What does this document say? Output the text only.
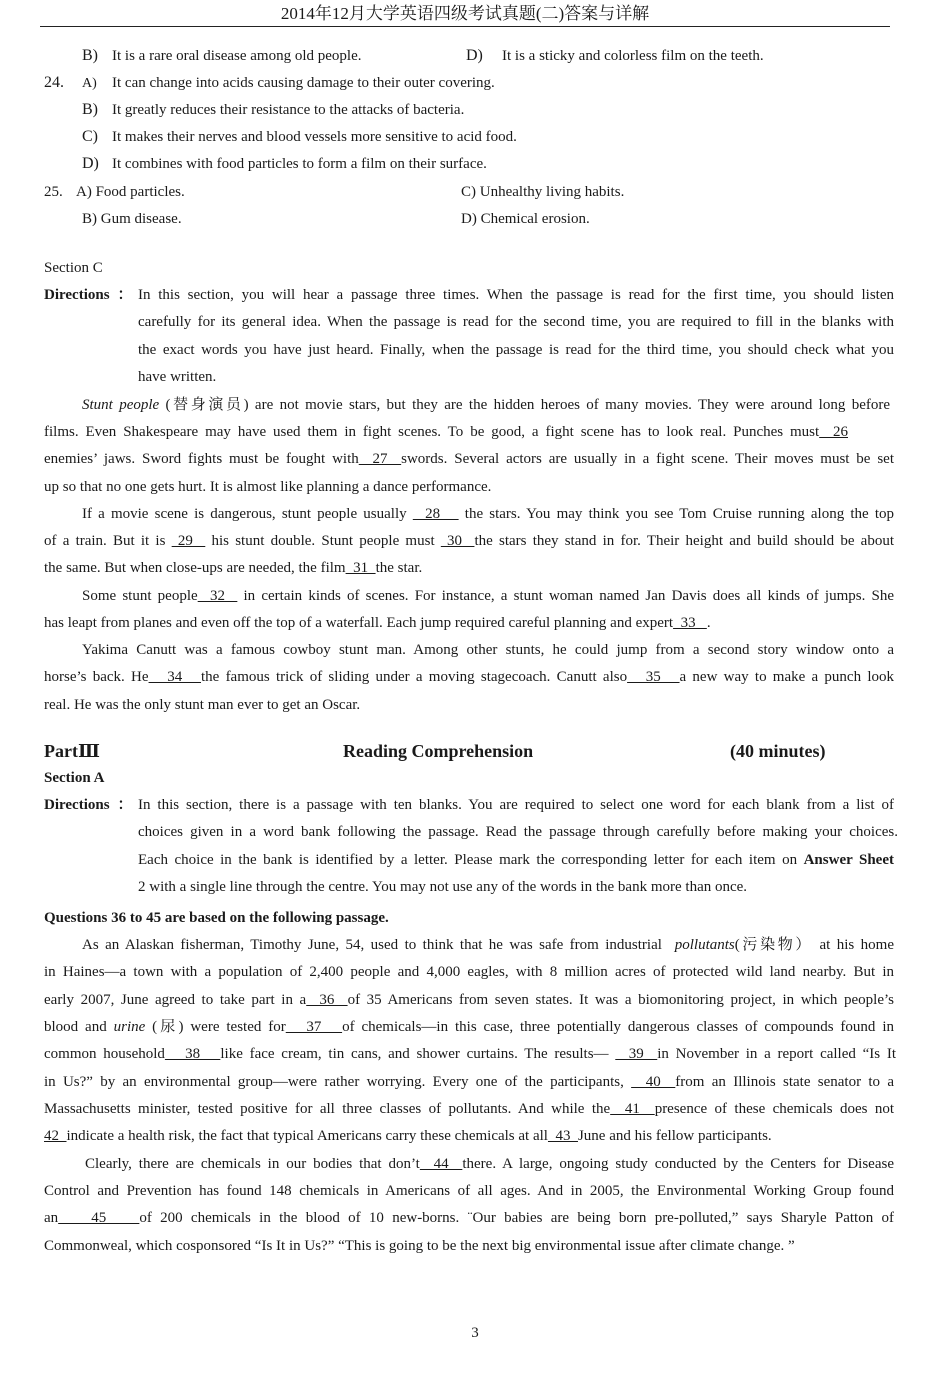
2014年12月大学英语四级考试真题(二)答案与详解
B) It is a rare oral disease among old people.	D) It is a sticky and colorless film on the teeth.
24. A) It can change into acids causing damage to their outer covering.
B) It greatly reduces their resistance to the attacks of bacteria.
C) It makes their nerves and blood vessels more sensitive to acid food.
D) It combines with food particles to form a film on their surface.
25. A) Food particles.	C) Unhealthy living habits.
B) Gum disease.	D) Chemical erosion.
Section C
Directions ： In this section, you will hear a passage three times. When the passage is read for the first time, you should listen
carefully for its general idea. When the passage is read for the second time, you are required to fill in the blanks with
the exact words you have just heard. Finally, when the passage is read for the third time, you should check what you
have written.
Stunt people (替身演员) are not movie stars, but they are the hidden heroes of many movies. They were around long before
films. Even Shakespeare may have used them in fight scenes. To be good, a fight scene has to look real. Punches must  26
enemies’ jaws. Sword fights must be fought with  27  swords. Several actors are usually in a fight scene. Their moves must be set
up so that no one gets hurt. It is almost like planning a dance performance.
If a movie scene is dangerous, stunt people usually   28    the stars. You may think you see Tom Cruise running along the top
of a train. But it is  29   his stunt double. Stunt people must  30  the stars they stand in for. Their height and build should be about
the same. But when close-ups are needed, the film  31  the star.
Some stunt people  32   in certain kinds of scenes. For instance, a stunt woman named Jan Davis does all kinds of jumps. She
has leapt from planes and even off the top of a waterfall. Each jump required careful planning and expert  33   .
Yakima Canutt was a famous cowboy stunt man. Among other stunts, he could jump from a second story window onto a
horse’s back. He   34   the famous trick of sliding under a moving stagecoach. Canutt also   35   a new way to make a punch look
real. He was the only stunt man ever to get an Oscar.
PartⅢ	Reading Comprehension	(40 minutes)
Section A
Directions ： In this section, there is a passage with ten blanks. You are required to select one word for each blank from a list of
choices given in a word bank following the passage. Read the passage through carefully before making your choices.
Each choice in the bank is identified by a letter. Please mark the corresponding letter for each item on Answer Sheet
2 with a single line through the centre. You may not use any of the words in the bank more than once.
Questions 36 to 45 are based on the following passage.
As an Alaskan fisherman, Timothy June, 54, used to think that he was safe from industrial  pollutants(污染物） at his home
in Haines—a town with a population of 2,400 people and 4,000 eagles, with 8 million acres of protected wild land nearby. But in
early 2007, June agreed to take part in a  36  of 35 Americans from seven states. It was a biomonitoring project, in which people’s
blood and urine (尿) were tested for   37   of chemicals—in this case, three potentially dangerous classes of compounds found in
common household   38   like face cream, tin cans, and shower curtains. The results—   39  in November in a report called “Is It
in Us?” by an environmental group—were rather worrying. Every one of the participants,   40  from an Illinois state senator to a
Massachusetts minister, tested positive for all three classes of pollutants. And while the  41  presence of these chemicals does not
42  indicate a health risk, the fact that typical Americans carry these chemicals at all  43  June and his fellow participants.
Clearly, there are chemicals in our bodies that don’t  44  there. A large, ongoing study conducted by the Centers for Disease
Control and Prevention has found 148 chemicals in Americans of all ages. And in 2005, the Environmental Working Group found
an    45    of 200 chemicals in the blood of 10 new-borns. ¨Our babies are being born pre-polluted,” says Sharyle Patton of
Commonweal, which cosponsored “Is It in Us?” “This is going to be the next big environmental issue after climate change. ”
3
